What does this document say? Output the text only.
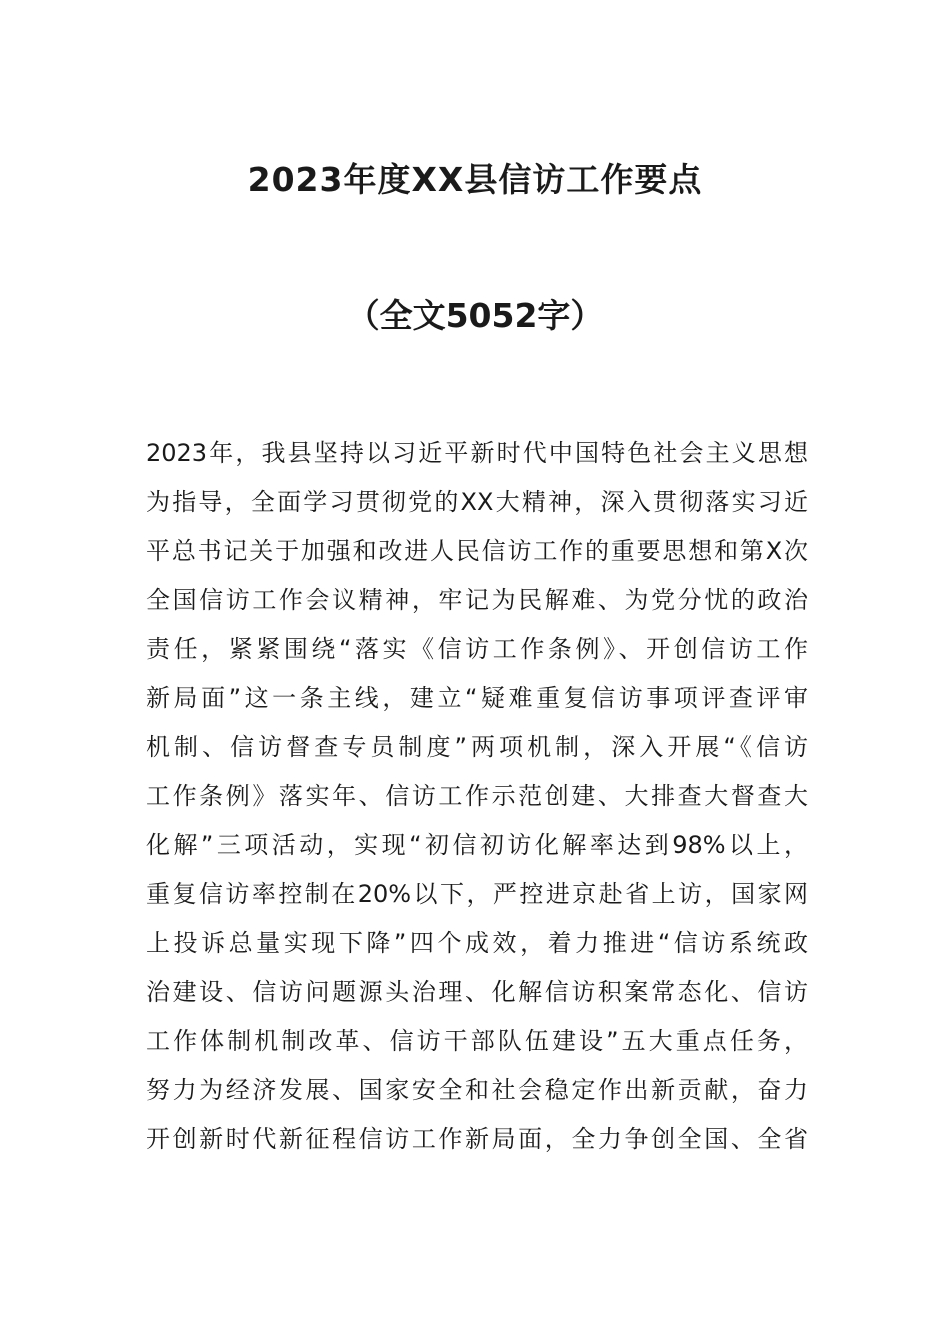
2023年度XX县信访工作要点
（全文5052字）
2023年，我县坚持以习近平新时代中国特色社会主义思想
为指导，全面学习贯彻党的XX大精神，深入贯彻落实习近
平总书记关于加强和改进人民信访工作的重要思想和第X次
全国信访工作会议精神，牢记为民解难、为党分忧的政治
责任，紧紧围绕“落实《信访工作条例》、开创信访工作
新局面”这一条主线，建立“疑难重复信访事项评查评审
机制、信访督查专员制度”两项机制，深入开展“《信访
工作条例》落实年、信访工作示范创建、大排查大督查大
化解”三项活动，实现“初信初访化解率达到98%以上，
重复信访率控制在20%以下，严控进京赴省上访，国家网
上投诉总量实现下降”四个成效，着力推进“信访系统政
治建设、信访问题源头治理、化解信访积案常态化、信访
工作体制机制改革、信访干部队伍建设”五大重点任务，
努力为经济发展、国家安全和社会稳定作出新贡献，奋力
开创新时代新征程信访工作新局面，全力争创全国、全省
